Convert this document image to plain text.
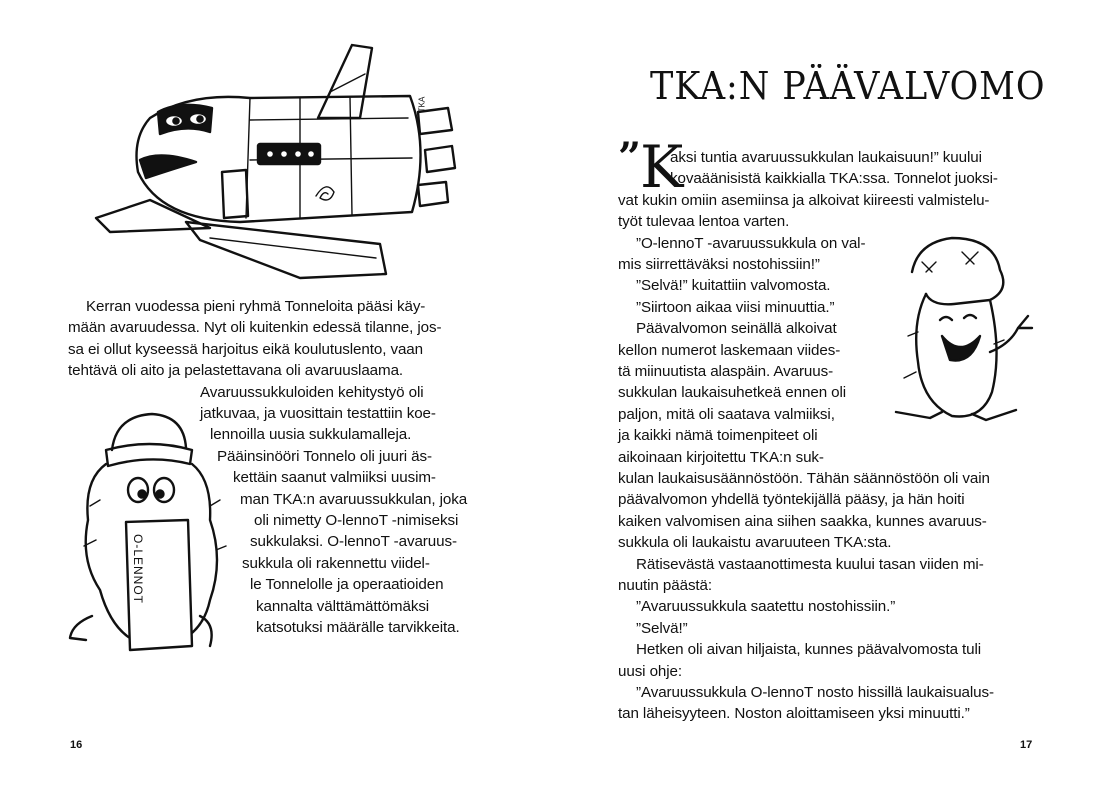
TKA
O-LENNOT
Kerran vuodessa pieni ryhmä Tonneloita pääsi käy-
mään avaruudessa. Nyt oli kuitenkin edessä tilanne, jos-
sa ei ollut kyseessä harjoitus eikä koulutuslento, vaan
tehtävä oli aito ja pelastettavana oli avaruuslaama.
Avaruussukkuloiden kehitystyö oli
jatkuvaa, ja vuosittain testattiin koe-
lennoilla uusia sukkulamalleja.
Pääinsinööri Tonnelo oli juuri äs-
kettäin saanut valmiiksi uusim-
man TKA:n avaruussukkulan, joka
oli nimetty O-lennoT -nimiseksi
sukkulaksi. O-lennoT -avaruus-
sukkula oli rakennettu viidel-
le Tonnelolle ja operaatioiden
kannalta välttämättömäksi
katsotuksi määrälle tarvikkeita.
16
TKA:N PÄÄVALVOMO
”
K
aksi tuntia avaruussukkulan laukaisuun!” kuului
kovaäänisistä kaikkialla TKA:ssa. Tonnelot juoksi-
vat kukin omiin asemiinsa ja alkoivat kiireesti valmistelu-
työt tulevaa lentoa varten.
”O-lennoT -avaruussukkula on val-
mis siirrettäväksi nostohissiin!”
”Selvä!” kuitattiin valvomosta.
”Siirtoon aikaa viisi minuuttia.”
Päävalvomon seinällä alkoivat
kellon numerot laskemaan viides-
tä miinuutista alaspäin. Avaruus-
sukkulan laukaisuhetkeä ennen oli
paljon, mitä oli saatava valmiiksi,
ja kaikki nämä toimenpiteet oli
aikoinaan kirjoitettu TKA:n suk-
kulan laukaisusäännöstöön. Tähän säännöstöön oli vain
päävalvomon yhdellä työntekijällä pääsy, ja hän hoiti
kaiken valvomisen aina siihen saakka, kunnes avaruus-
sukkula oli laukaistu avaruuteen TKA:sta.
Rätisevästä vastaanottimesta kuului tasan viiden mi-
nuutin päästä:
”Avaruussukkula saatettu nostohissiin.”
”Selvä!”
Hetken oli aivan hiljaista, kunnes päävalvomosta tuli
uusi ohje:
”Avaruussukkula O-lennoT nosto hissillä laukaisualus-
tan läheisyyteen. Noston aloittamiseen yksi minuutti.”
17
